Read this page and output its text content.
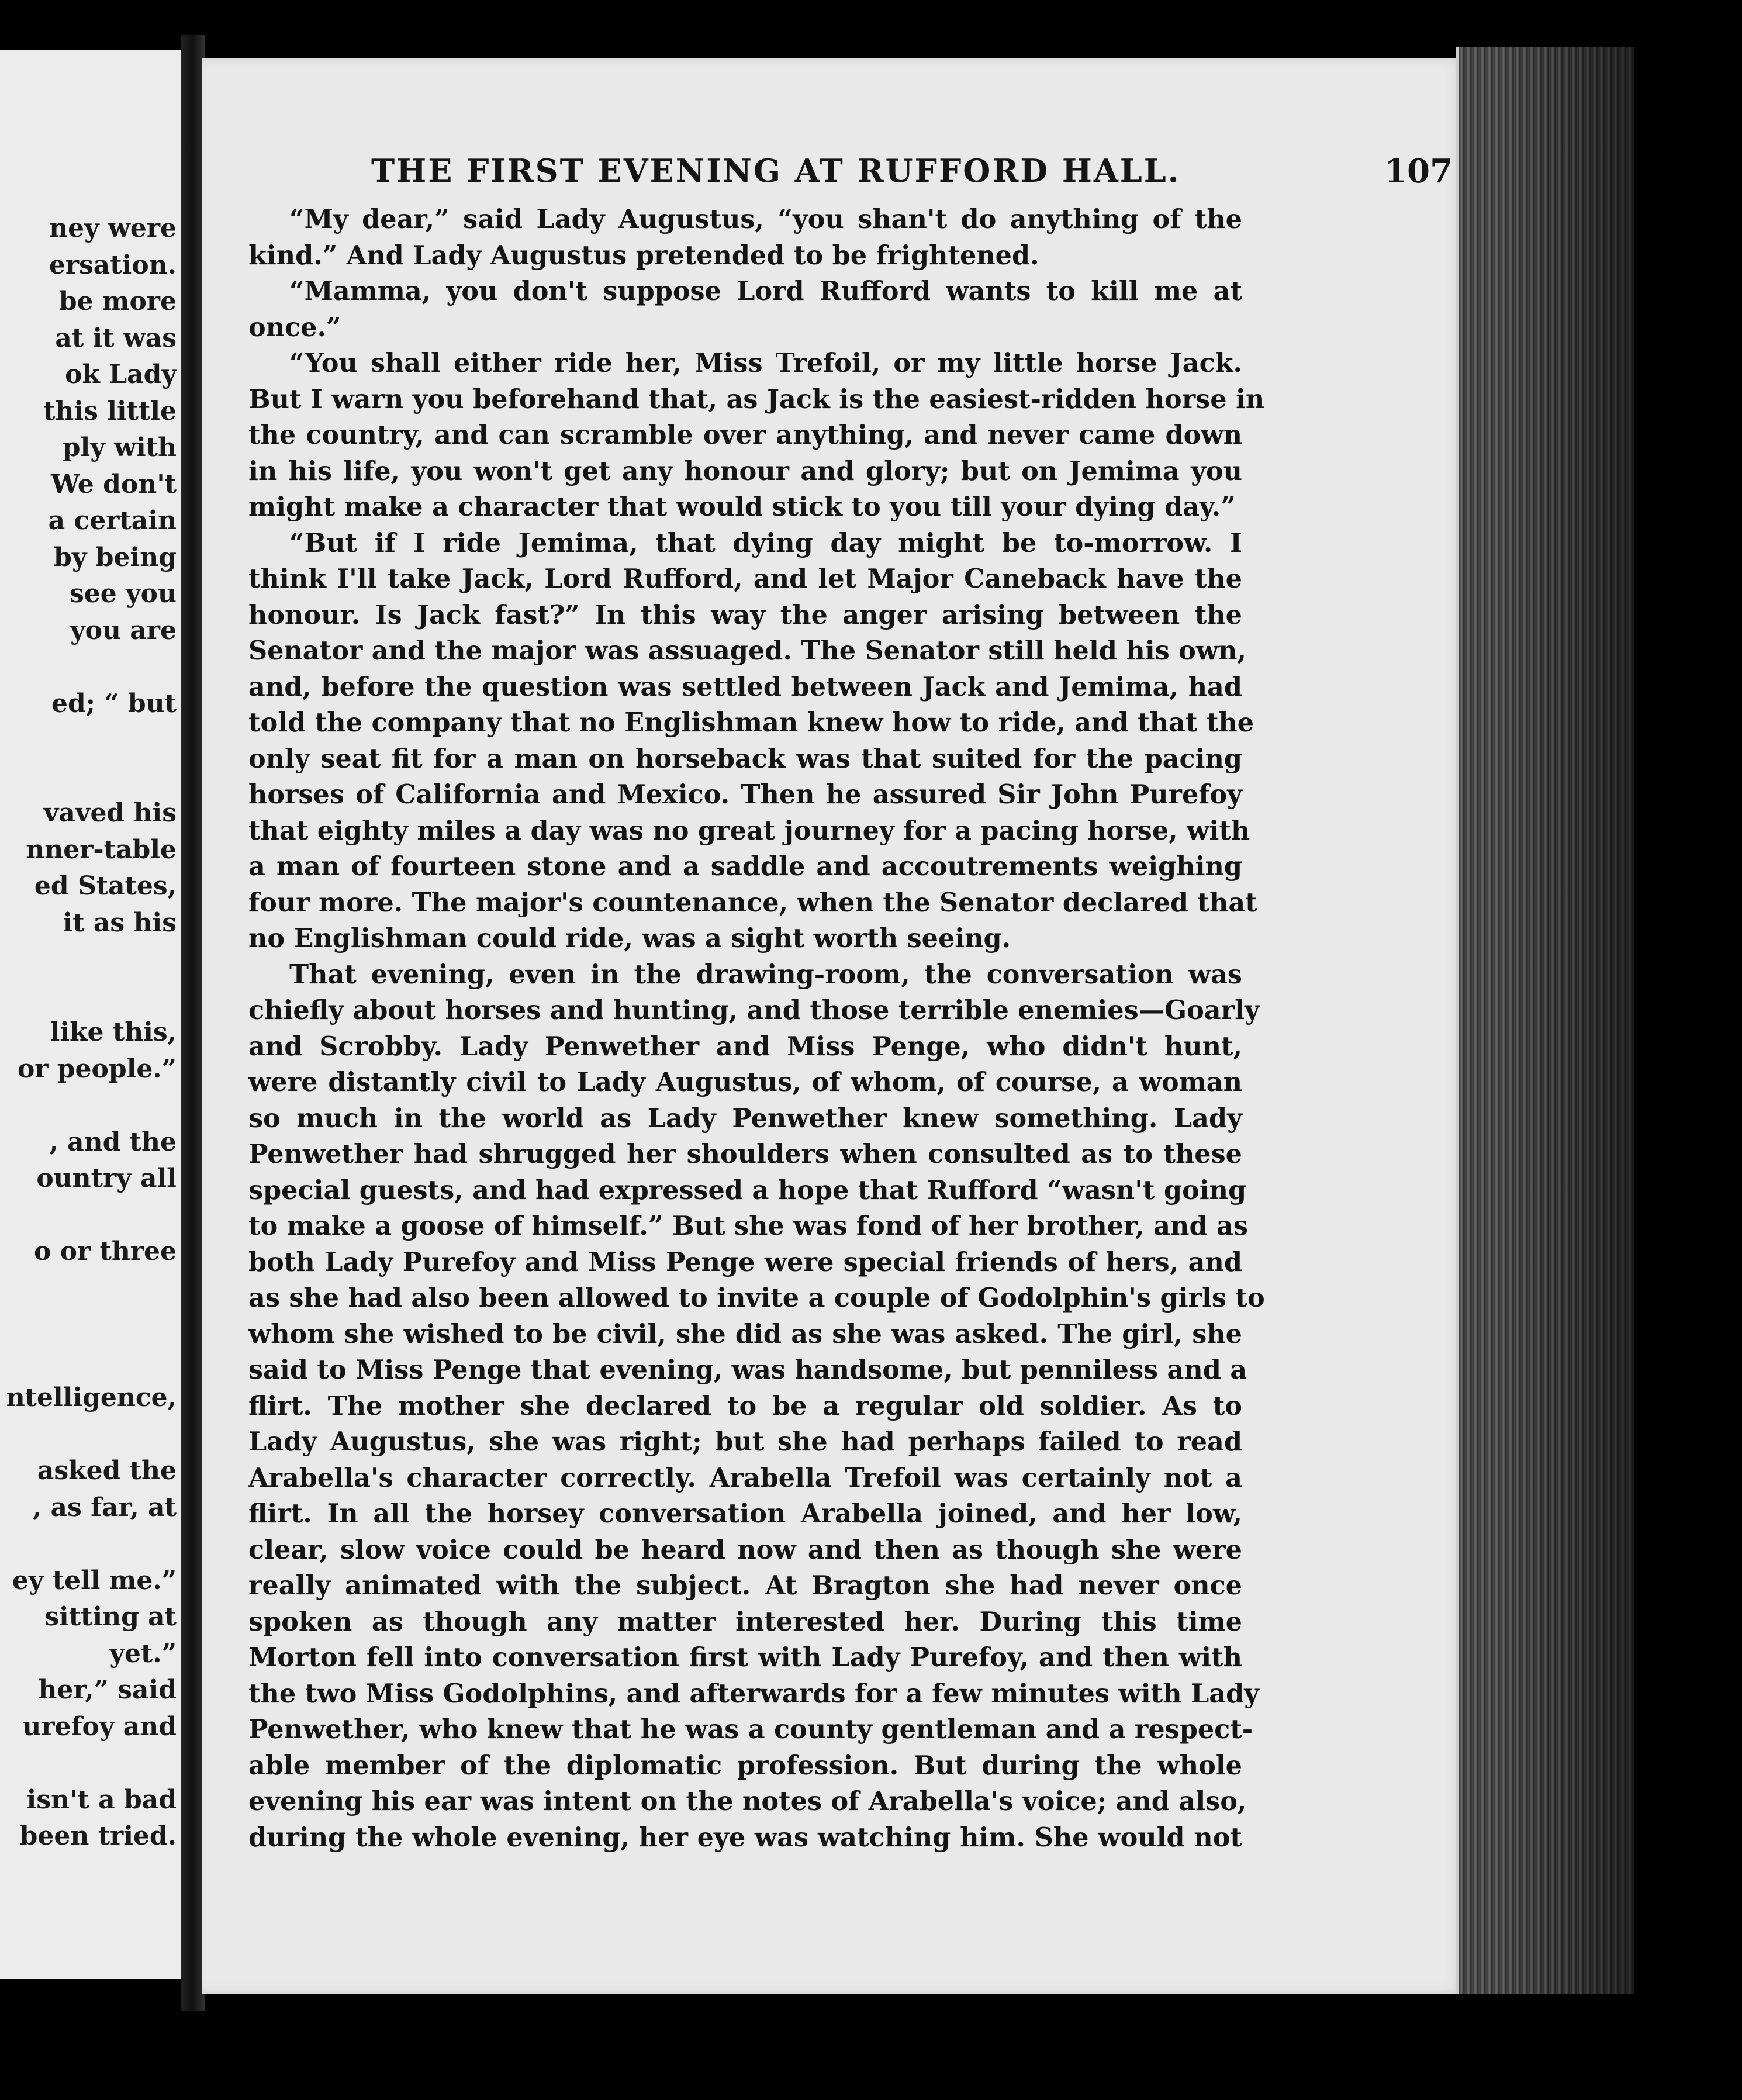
ney were
ersation.
be more
at it was
ok Lady
this little
ply with
We don't
a certain
by being
see you
you are
ed; “ but
vaved his
nner-table
ed States,
it as his
like this,
or people.”
, and the
ountry all
o or three
ntelligence,
asked the
, as far, at
ey tell me.”
sitting at
yet.”
her,” said
urefoy and
isn't a bad
been tried.
THE FIRST EVENING AT RUFFORD HALL.	107
“My dear,” said Lady Augustus, “you shan't do anything of the
kind.” And Lady Augustus pretended to be frightened.
“Mamma, you don't suppose Lord Rufford wants to kill me at
once.”
“You shall either ride her, Miss Trefoil, or my little horse Jack.
But I warn you beforehand that, as Jack is the easiest-ridden horse in
the country, and can scramble over anything, and never came down
in his life, you won't get any honour and glory; but on Jemima you
might make a character that would stick to you till your dying day.”
“But if I ride Jemima, that dying day might be to-morrow. I
think I'll take Jack, Lord Rufford, and let Major Caneback have the
honour. Is Jack fast?” In this way the anger arising between the
Senator and the major was assuaged. The Senator still held his own,
and, before the question was settled between Jack and Jemima, had
told the company that no Englishman knew how to ride, and that the
only seat fit for a man on horseback was that suited for the pacing
horses of California and Mexico. Then he assured Sir John Purefoy
that eighty miles a day was no great journey for a pacing horse, with
a man of fourteen stone and a saddle and accoutrements weighing
four more. The major's countenance, when the Senator declared that
no Englishman could ride, was a sight worth seeing.
That evening, even in the drawing-room, the conversation was
chiefly about horses and hunting, and those terrible enemies—Goarly
and Scrobby. Lady Penwether and Miss Penge, who didn't hunt,
were distantly civil to Lady Augustus, of whom, of course, a woman
so much in the world as Lady Penwether knew something. Lady
Penwether had shrugged her shoulders when consulted as to these
special guests, and had expressed a hope that Rufford “wasn't going
to make a goose of himself.” But she was fond of her brother, and as
both Lady Purefoy and Miss Penge were special friends of hers, and
as she had also been allowed to invite a couple of Godolphin's girls to
whom she wished to be civil, she did as she was asked. The girl, she
said to Miss Penge that evening, was handsome, but penniless and a
flirt. The mother she declared to be a regular old soldier. As to
Lady Augustus, she was right; but she had perhaps failed to read
Arabella's character correctly. Arabella Trefoil was certainly not a
flirt. In all the horsey conversation Arabella joined, and her low,
clear, slow voice could be heard now and then as though she were
really animated with the subject. At Bragton she had never once
spoken as though any matter interested her. During this time
Morton fell into conversation first with Lady Purefoy, and then with
the two Miss Godolphins, and afterwards for a few minutes with Lady
Penwether, who knew that he was a county gentleman and a respect-
able member of the diplomatic profession. But during the whole
evening his ear was intent on the notes of Arabella's voice; and also,
during the whole evening, her eye was watching him. She would not
